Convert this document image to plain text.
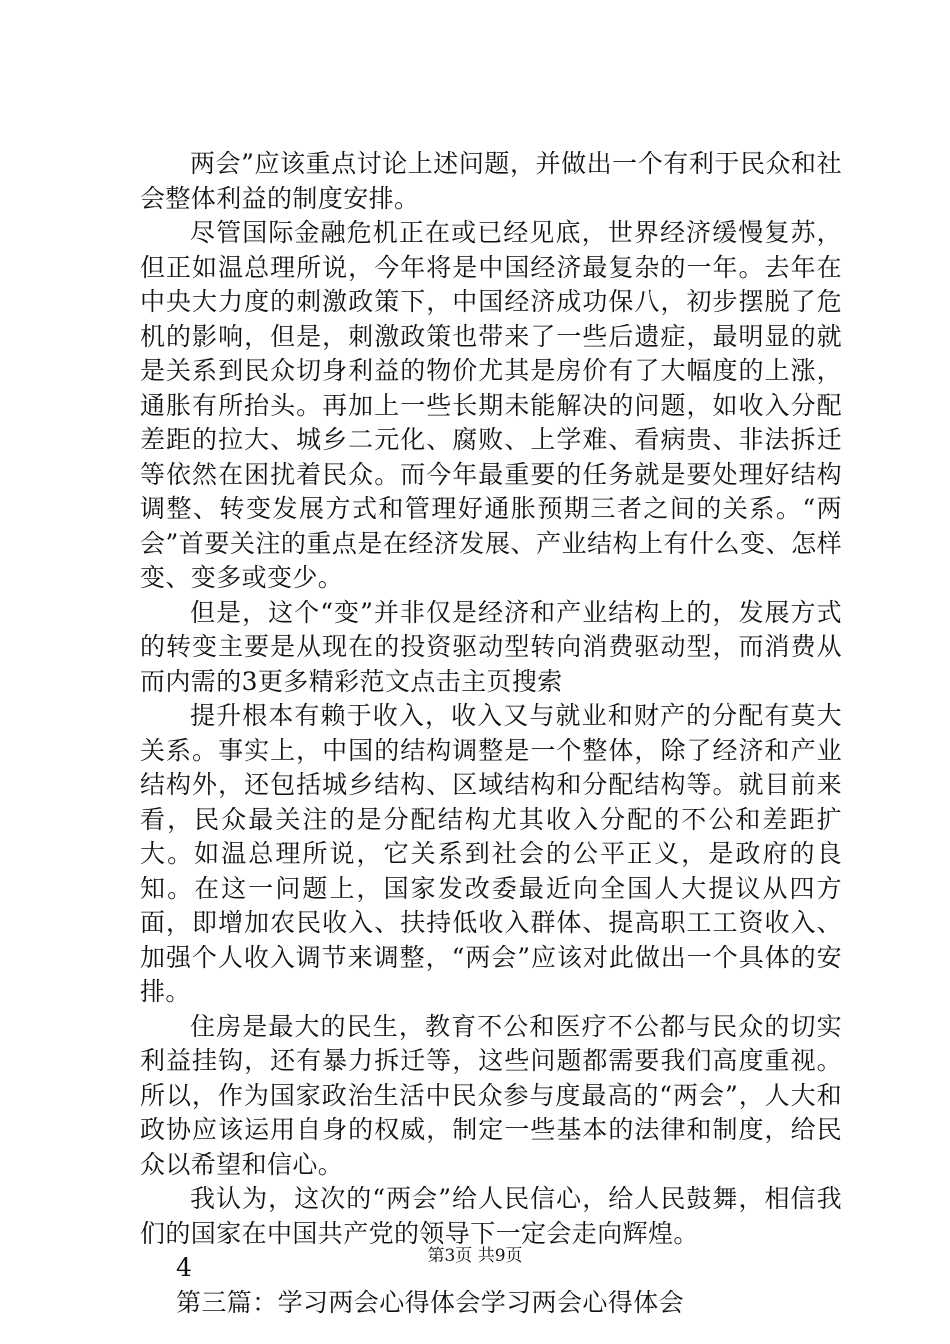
两会”应该重点讨论上述问题，并做出一个有利于民众和社会整体利益的制度安排。

尽管国际金融危机正在或已经见底，世界经济缓慢复苏，但正如温总理所说，今年将是中国经济最复杂的一年。去年在中央大力度的刺激政策下，中国经济成功保八，初步摆脱了危机的影响，但是，刺激政策也带来了一些后遗症，最明显的就是关系到民众切身利益的物价尤其是房价有了大幅度的上涨，通胀有所抬头。再加上一些长期未能解决的问题，如收入分配差距的拉大、城乡二元化、腐败、上学难、看病贵、非法拆迁等依然在困扰着民众。而今年最重要的任务就是要处理好结构调整、转变发展方式和管理好通胀预期三者之间的关系。“两会”首要关注的重点是在经济发展、产业结构上有什么变、怎样变、变多或变少。

但是，这个“变”并非仅是经济和产业结构上的，发展方式的转变主要是从现在的投资驱动型转向消费驱动型，而消费从而内需的3更多精彩范文点击主页搜索

提升根本有赖于收入，收入又与就业和财产的分配有莫大关系。事实上，中国的结构调整是一个整体，除了经济和产业结构外，还包括城乡结构、区域结构和分配结构等。就目前来看，民众最关注的是分配结构尤其收入分配的不公和差距扩大。如温总理所说，它关系到社会的公平正义，是政府的良知。在这一问题上，国家发改委最近向全国人大提议从四方面，即增加农民收入、扶持低收入群体、提高职工工资收入、加强个人收入调节来调整，“两会”应该对此做出一个具体的安排。

住房是最大的民生，教育不公和医疗不公都与民众的切实利益挂钩，还有暴力拆迁等，这些问题都需要我们高度重视。所以，作为国家政治生活中民众参与度最高的“两会”，人大和政协应该运用自身的权威，制定一些基本的法律和制度，给民众以希望和信心。

我认为，这次的“两会”给人民信心，给人民鼓舞，相信我们的国家在中国共产党的领导下一定会走向辉煌。

4

第三篇：学习两会心得体会学习两会心得体会

第3页 共9页
